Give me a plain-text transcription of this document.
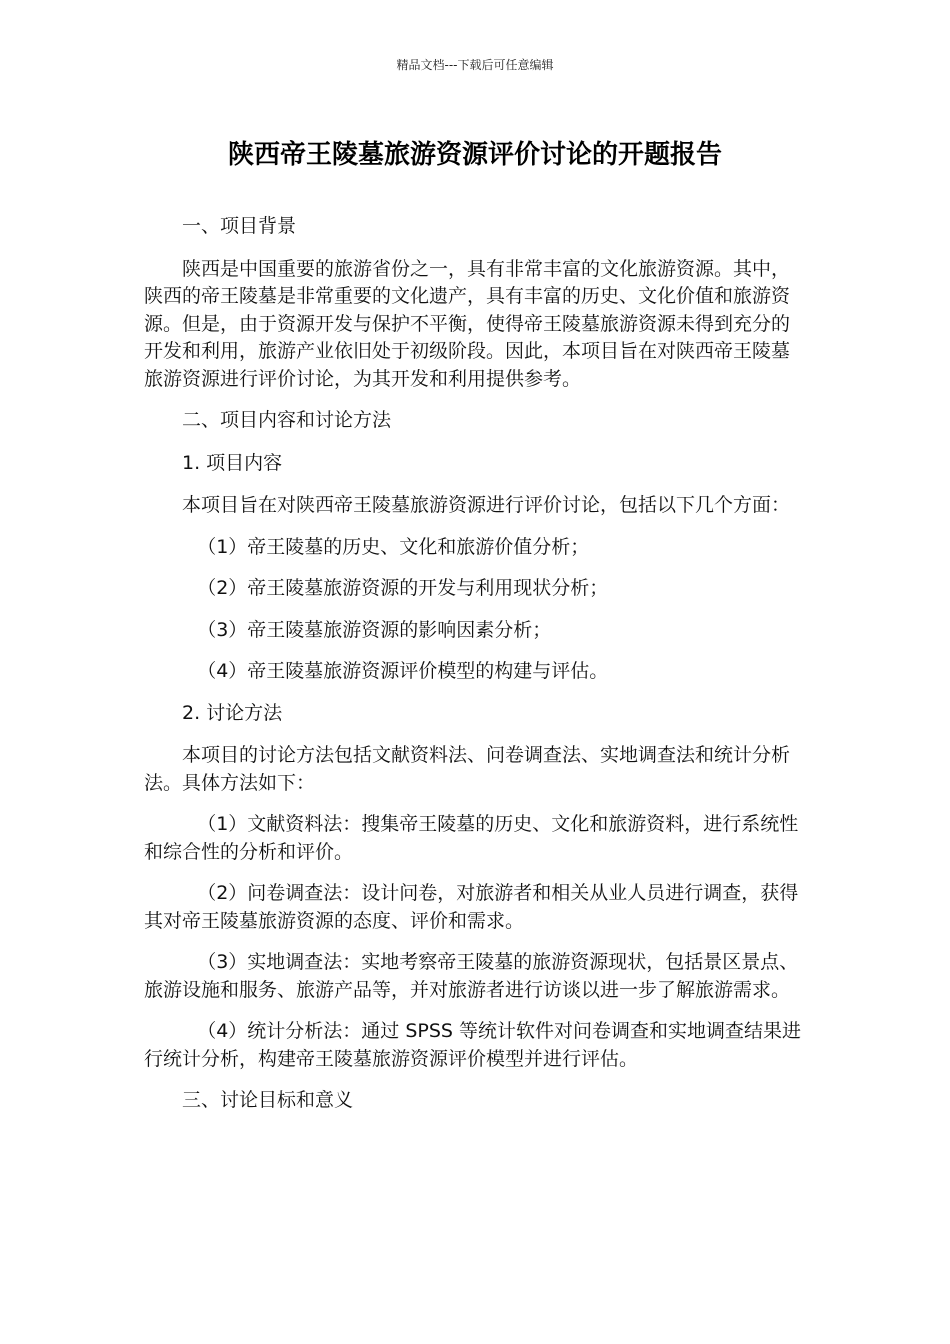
精品文档---下载后可任意编辑
陕西帝王陵墓旅游资源评价讨论的开题报告

一、项目背景

陕西是中国重要的旅游省份之一，具有非常丰富的文化旅游资源。其中，陕西的帝王陵墓是非常重要的文化遗产，具有丰富的历史、文化价值和旅游资源。但是，由于资源开发与保护不平衡，使得帝王陵墓旅游资源未得到充分的开发和利用，旅游产业依旧处于初级阶段。因此，本项目旨在对陕西帝王陵墓旅游资源进行评价讨论，为其开发和利用提供参考。

二、项目内容和讨论方法

1. 项目内容

本项目旨在对陕西帝王陵墓旅游资源进行评价讨论，包括以下几个方面：

（1）帝王陵墓的历史、文化和旅游价值分析；

（2）帝王陵墓旅游资源的开发与利用现状分析；

（3）帝王陵墓旅游资源的影响因素分析；

（4）帝王陵墓旅游资源评价模型的构建与评估。

2. 讨论方法

本项目的讨论方法包括文献资料法、问卷调查法、实地调查法和统计分析法。具体方法如下：

（1）文献资料法：搜集帝王陵墓的历史、文化和旅游资料，进行系统性和综合性的分析和评价。

（2）问卷调查法：设计问卷，对旅游者和相关从业人员进行调查，获得其对帝王陵墓旅游资源的态度、评价和需求。

（3）实地调查法：实地考察帝王陵墓的旅游资源现状，包括景区景点、旅游设施和服务、旅游产品等，并对旅游者进行访谈以进一步了解旅游需求。

（4）统计分析法：通过 SPSS 等统计软件对问卷调查和实地调查结果进行统计分析，构建帝王陵墓旅游资源评价模型并进行评估。

三、讨论目标和意义
